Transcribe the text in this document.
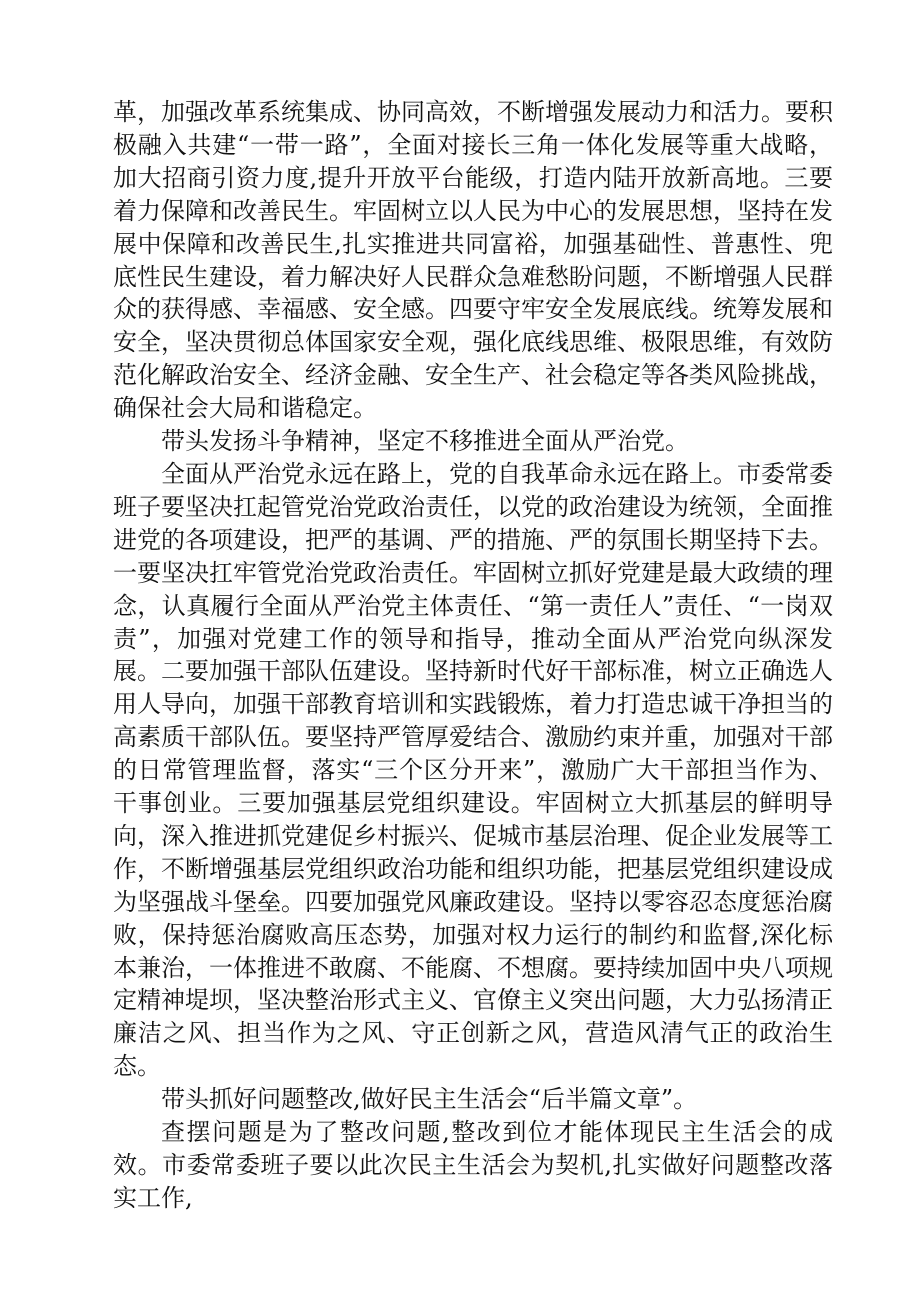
革，加强改革系统集成、协同高效，不断增强发展动力和活力。要积极融入共建“一带一路”，全面对接长三角一体化发展等重大战略，加大招商引资力度,提升开放平台能级，打造内陆开放新高地。三要着力保障和改善民生。牢固树立以人民为中心的发展思想，坚持在发展中保障和改善民生,扎实推进共同富裕，加强基础性、普惠性、兜底性民生建设，着力解决好人民群众急难愁盼问题，不断增强人民群众的获得感、幸福感、安全感。四要守牢安全发展底线。统筹发展和安全，坚决贯彻总体国家安全观，强化底线思维、极限思维，有效防范化解政治安全、经济金融、安全生产、社会稳定等各类风险挑战，确保社会大局和谐稳定。

带头发扬斗争精神，坚定不移推进全面从严治党。

全面从严治党永远在路上，党的自我革命永远在路上。市委常委班子要坚决扛起管党治党政治责任，以党的政治建设为统领，全面推进党的各项建设，把严的基调、严的措施、严的氛围长期坚持下去。一要坚决扛牢管党治党政治责任。牢固树立抓好党建是最大政绩的理念，认真履行全面从严治党主体责任、“第一责任人”责任、“一岗双责”，加强对党建工作的领导和指导，推动全面从严治党向纵深发展。二要加强干部队伍建设。坚持新时代好干部标准，树立正确选人用人导向，加强干部教育培训和实践锻炼，着力打造忠诚干净担当的高素质干部队伍。要坚持严管厚爱结合、激励约束并重，加强对干部的日常管理监督，落实“三个区分开来”，激励广大干部担当作为、干事创业。三要加强基层党组织建设。牢固树立大抓基层的鲜明导向，深入推进抓党建促乡村振兴、促城市基层治理、促企业发展等工作，不断增强基层党组织政治功能和组织功能，把基层党组织建设成为坚强战斗堡垒。四要加强党风廉政建设。坚持以零容忍态度惩治腐败，保持惩治腐败高压态势，加强对权力运行的制约和监督,深化标本兼治，一体推进不敢腐、不能腐、不想腐。要持续加固中央八项规定精神堤坝，坚决整治形式主义、官僚主义突出问题，大力弘扬清正廉洁之风、担当作为之风、守正创新之风，营造风清气正的政治生态。

带头抓好问题整改,做好民主生活会“后半篇文章”。

查摆问题是为了整改问题,整改到位才能体现民主生活会的成效。市委常委班子要以此次民主生活会为契机,扎实做好问题整改落实工作,
